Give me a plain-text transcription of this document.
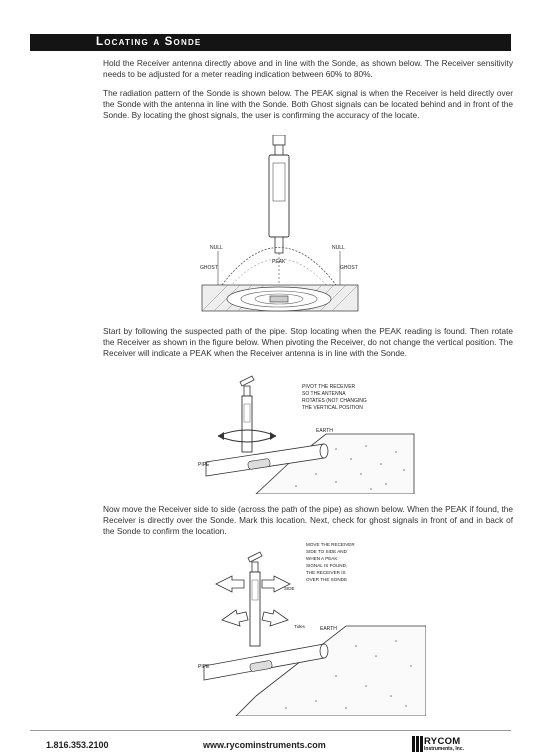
Locating a Sonde
Hold the Receiver antenna directly above and in line with the Sonde, as shown below. The Receiver sensitivity needs to be adjusted for a meter reading indication between 60% to 80%.
The radiation pattern of the Sonde is shown below. The PEAK signal is when the Receiver is held directly over the Sonde with the antenna in line with the Sonde. Both Ghost signals can be located behind and in front of the Sonde. By locating the ghost signals, the user is confirming the accuracy of the locate.
NULL	NULL
GHOST	GHOST
PEAK
Start by following the suspected path of the pipe. Stop locating when the PEAK reading is found. Then rotate the Receiver as shown in the figure below. When pivoting the Receiver, do not change the vertical position. The Receiver will indicate a PEAK when the Receiver antenna is in line with the Sonde.
PIPE
EARTH
PIVOT THE RECEIVER
SO THE ANTENNA
ROTATES (NOT CHANGING
THE VERTICAL POSITION
Now move the Receiver side to side (across the path of the pipe) as shown below. When the PEAK if found, the Receiver is directly over the Sonde. Mark this location. Next, check for ghost signals in front of and in back of the Sonde to confirm the location.
PIPE
EARTH
SIDE
Tides
MOVE THE RECEIVER
SIDE TO SIDE AND
WHEN A PEAK
SIGNAL IS FOUND,
THE RECEIVER IS
OVER THE SONDE
1.816.353.2100	www.rycominstruments.com	RYCOM
Instruments, Inc.
